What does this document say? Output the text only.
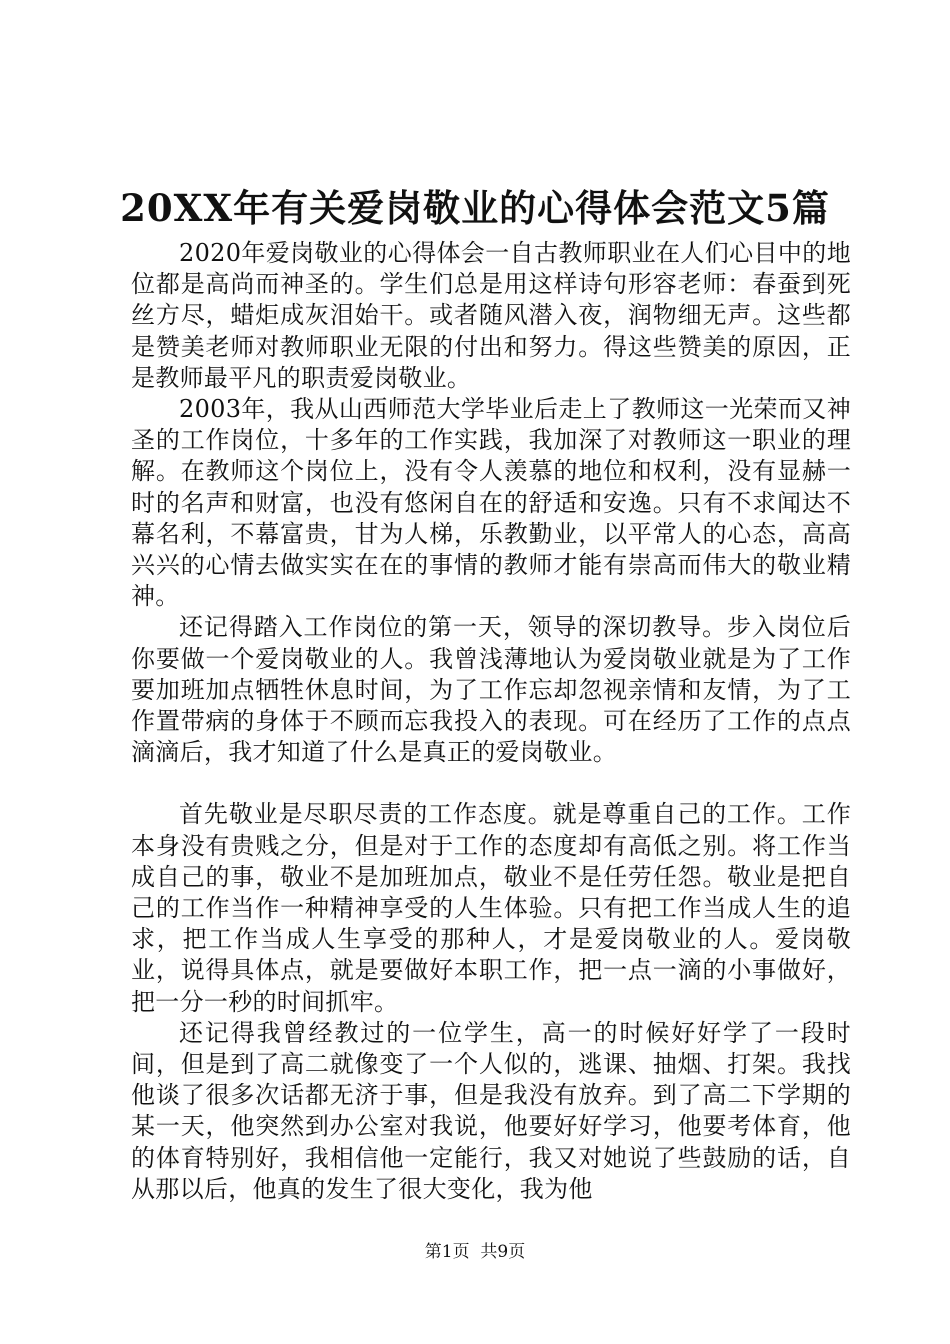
20XX年有关爱岗敬业的心得体会范文5篇

2020年爱岗敬业的心得体会一自古教师职业在人们心目中的地位都是高尚而神圣的。学生们总是用这样诗句形容老师：春蚕到死丝方尽，蜡炬成灰泪始干。或者随风潜入夜，润物细无声。这些都是赞美老师对教师职业无限的付出和努力。得这些赞美的原因，正是教师最平凡的职责爱岗敬业。

2003年，我从山西师范大学毕业后走上了教师这一光荣而又神圣的工作岗位，十多年的工作实践，我加深了对教师这一职业的理解。在教师这个岗位上，没有令人羡慕的地位和权利，没有显赫一时的名声和财富，也没有悠闲自在的舒适和安逸。只有不求闻达不幕名利，不幕富贵，甘为人梯，乐教勤业，以平常人的心态，高高兴兴的心情去做实实在在的事情的教师才能有崇高而伟大的敬业精神。

还记得踏入工作岗位的第一天，领导的深切教导。步入岗位后你要做一个爱岗敬业的人。我曾浅薄地认为爱岗敬业就是为了工作要加班加点牺牲休息时间，为了工作忘却忽视亲情和友情，为了工作置带病的身体于不顾而忘我投入的表现。可在经历了工作的点点滴滴后，我才知道了什么是真正的爱岗敬业。

首先敬业是尽职尽责的工作态度。就是尊重自己的工作。工作本身没有贵贱之分，但是对于工作的态度却有高低之别。将工作当成自己的事，敬业不是加班加点，敬业不是任劳任怨。敬业是把自己的工作当作一种精神享受的人生体验。只有把工作当成人生的追求，把工作当成人生享受的那种人，才是爱岗敬业的人。爱岗敬业，说得具体点，就是要做好本职工作，把一点一滴的小事做好，把一分一秒的时间抓牢。

还记得我曾经教过的一位学生，高一的时候好好学了一段时间，但是到了高二就像变了一个人似的，逃课、抽烟、打架。我找他谈了很多次话都无济于事，但是我没有放弃。到了高二下学期的某一天，他突然到办公室对我说，他要好好学习，他要考体育，他的体育特别好，我相信他一定能行，我又对她说了些鼓励的话，自从那以后，他真的发生了很大变化，我为他

第1页 共9页
